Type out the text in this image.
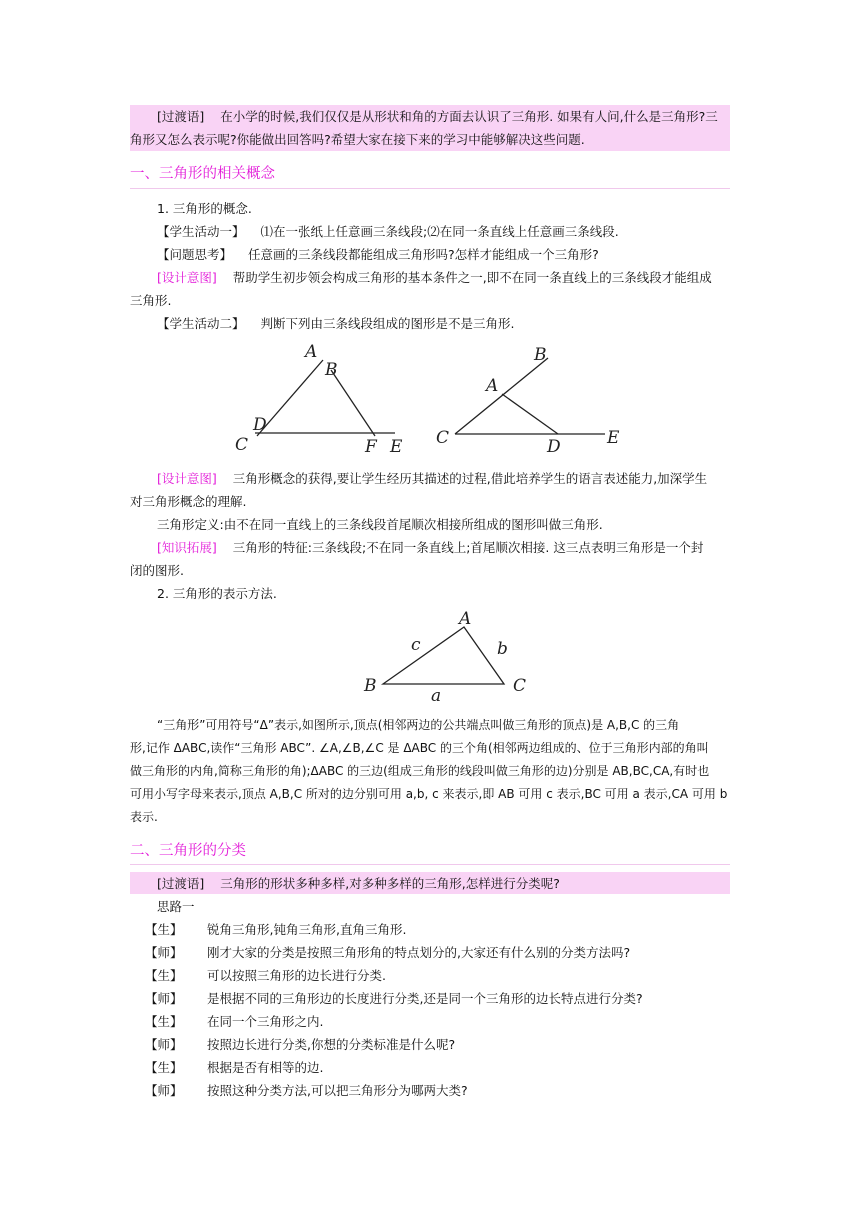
[过渡语] 在小学的时候,我们仅仅是从形状和角的方面去认识了三角形. 如果有人问,什么是三角形?三
角形又怎么表示呢?你能做出回答吗?希望大家在接下来的学习中能够解决这些问题.
一、三角形的相关概念
1. 三角形的概念.
【学生活动一】 ⑴在一张纸上任意画三条线段;⑵在同一条直线上任意画三条线段.
【问题思考】 任意画的三条线段都能组成三角形吗?怎样才能组成一个三角形?
[设计意图] 帮助学生初步领会构成三角形的基本条件之一,即不在同一条直线上的三条线段才能组成
三角形.
【学生活动二】 判断下列由三条线段组成的图形是不是三角形.
A
B
D
C	F E
B
A
C	D	E
[设计意图] 三角形概念的获得,要让学生经历其描述的过程,借此培养学生的语言表述能力,加深学生
对三角形概念的理解.
三角形定义:由不在同一直线上的三条线段首尾顺次相接所组成的图形叫做三角形.
[知识拓展] 三角形的特征:三条线段;不在同一条直线上;首尾顺次相接. 这三点表明三角形是一个封
闭的图形.
2. 三角形的表示方法.
A
B	C
c	b
a
“三角形”可用符号“Δ”表示,如图所示,顶点(相邻两边的公共端点叫做三角形的顶点)是 A,B,C 的三角
形,记作 ΔABC,读作“三角形 ABC”. ∠A,∠B,∠C 是 ΔABC 的三个角(相邻两边组成的、位于三角形内部的角叫
做三角形的内角,简称三角形的角);ΔABC 的三边(组成三角形的线段叫做三角形的边)分别是 AB,BC,CA,有时也
可用小写字母来表示,顶点 A,B,C 所对的边分别可用 a,b, c 来表示,即 AB 可用 c 表示,BC 可用 a 表示,CA 可用 b
表示.
二、三角形的分类
[过渡语] 三角形的形状多种多样,对多种多样的三角形,怎样进行分类呢?
思路一
【生】 锐角三角形,钝角三角形,直角三角形.
【师】 刚才大家的分类是按照三角形角的特点划分的,大家还有什么别的分类方法吗?
【生】 可以按照三角形的边长进行分类.
【师】 是根据不同的三角形边的长度进行分类,还是同一个三角形的边长特点进行分类?
【生】 在同一个三角形之内.
【师】 按照边长进行分类,你想的分类标准是什么呢?
【生】 根据是否有相等的边.
【师】 按照这种分类方法,可以把三角形分为哪两大类?
